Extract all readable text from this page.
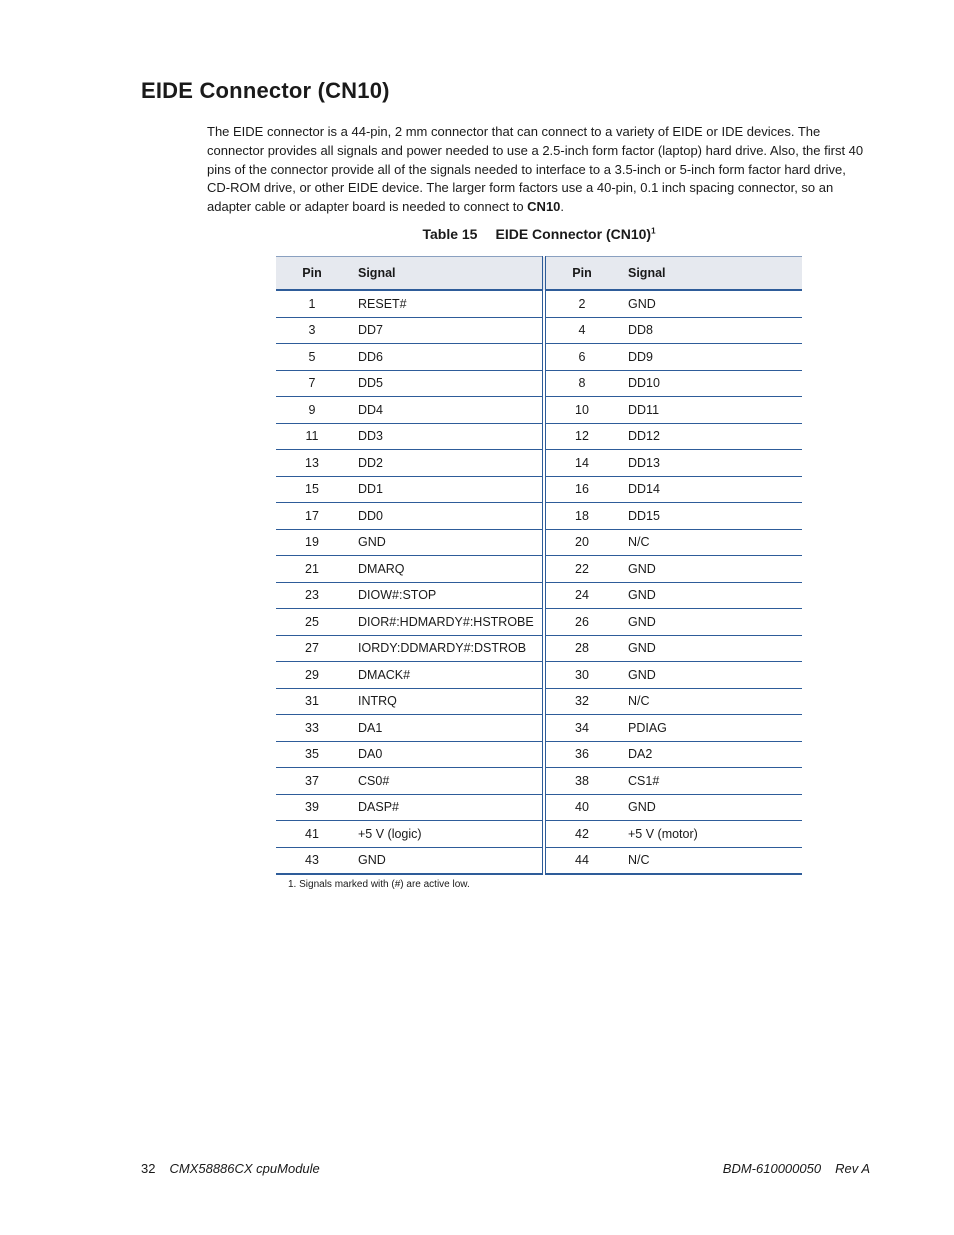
EIDE Connector (CN10)

The EIDE connector is a 44-pin, 2 mm connector that can connect to a variety of EIDE or IDE devices. The connector provides all signals and power needed to use a 2.5-inch form factor (laptop) hard drive. Also, the first 40 pins of the connector provide all of the signals needed to interface to a 3.5-inch or 5-inch form factor hard drive, CD-ROM drive, or other EIDE device. The larger form factors use a 40-pin, 0.1 inch spacing connector, so an adapter cable or adapter board is needed to connect to CN10.

Table 15 EIDE Connector $(CN10)^1$
Pin	Signal	Pin	Signal
1	RESET#	2	GND
3	DD7	4	DD8
5	DD6	6	DD9
7	DD5	8	DD10
9	DD4	10	DD11
11	DD3	12	DD12
13	DD2	14	DD13
15	DD1	16	DD14
17	DD0	18	DD15
19	GND	20	N/C
21	DMARQ	22	GND
23	DIOW#:STOP	24	GND
25	DIOR#:HDMARDY#:HSTROBE	26	GND
27	IORDY:DDMARDY#:DSTROB	28	GND
29	DMACK#	30	GND
31	INTRQ	32	N/C
33	DA1	34	PDIAG
35	DA0	36	DA2
37	CS0#	38	CS1#
39	DASP#	40	GND
41	+5 V (logic)	42	+5 V (motor)
43	GND	44	N/C
1. Signals marked with (#) are active low.
32 CMX58886CX cpuModule	BDM-610000050 Rev A
